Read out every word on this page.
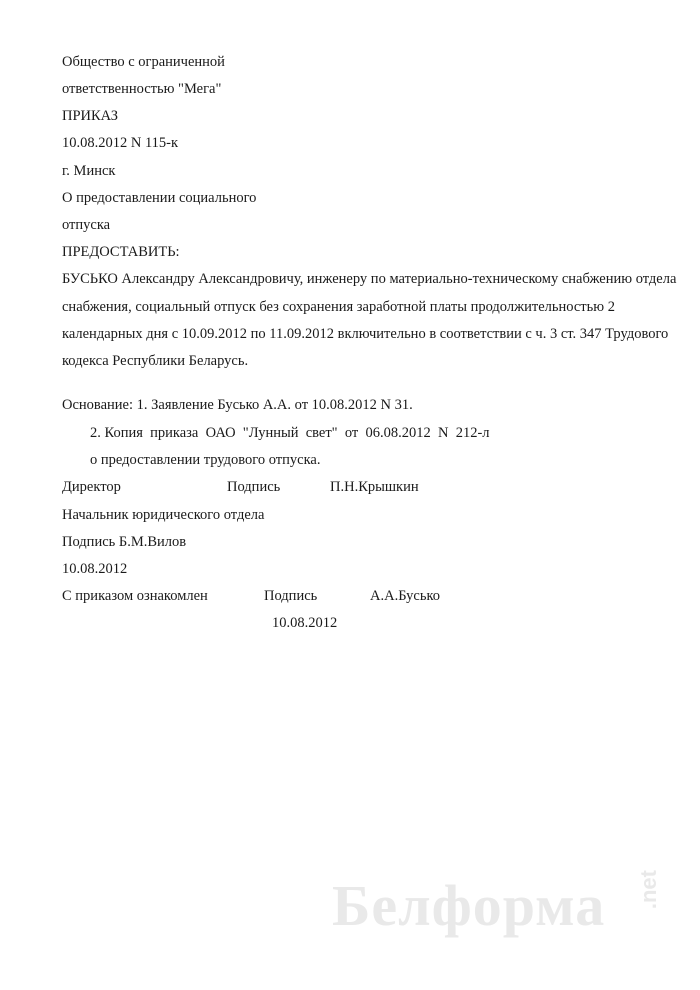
Общество с ограниченной
ответственностью "Мега"
ПРИКАЗ
10.08.2012 N 115-к
г. Минск
О предоставлении социального
отпуска
ПРЕДОСТАВИТЬ:
БУСЬКО Александру Александровичу, инженеру по материально-техническому снабжению отдела
снабжения, социальный отпуск без сохранения заработной платы продолжительностью 2
календарных дня с 10.09.2012 по 11.09.2012 включительно в соответствии с ч. 3 ст. 347 Трудового
кодекса Республики Беларусь.
Основание: 1. Заявление Бусько А.А. от 10.08.2012 N 31.
2. Копия  приказа  ОАО  "Лунный  свет"  от  06.08.2012  N  212-л
о предоставлении трудового отпуска.
Директор	Подпись	П.Н.Крышкин
Начальник юридического отдела
Подпись Б.М.Вилов
10.08.2012
С приказом ознакомлен	Подпись	А.А.Бусько
10.08.2012
Белформа .net
